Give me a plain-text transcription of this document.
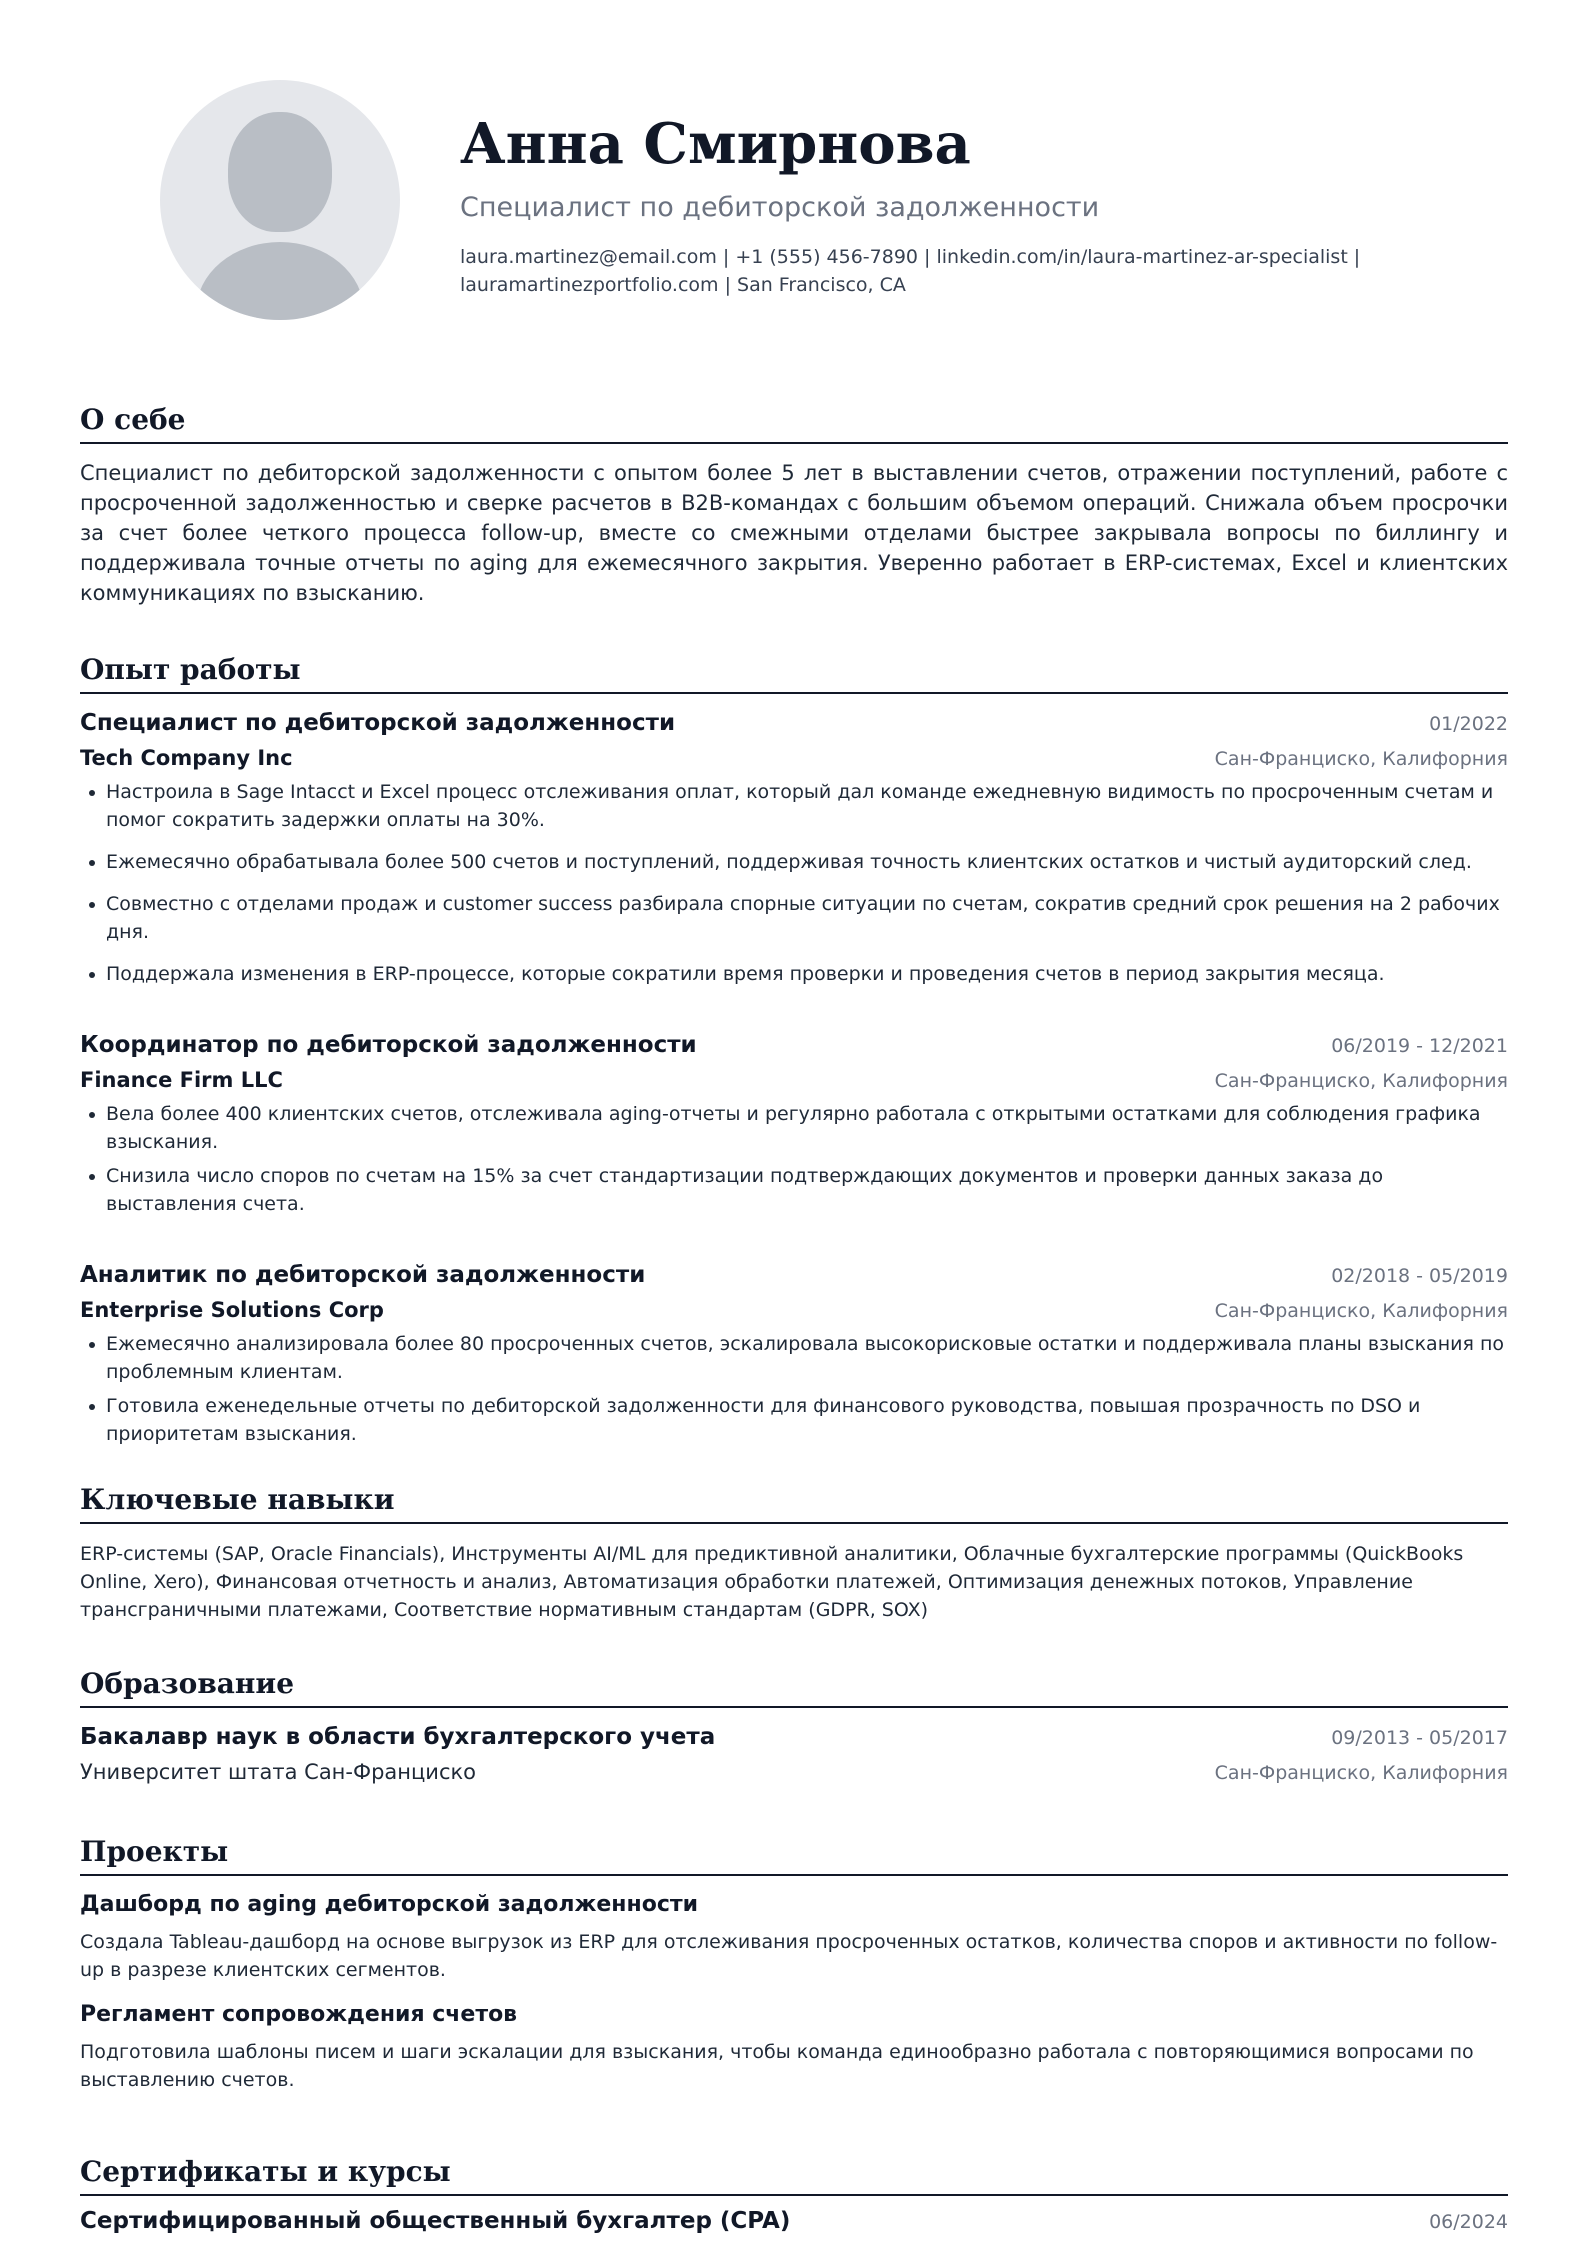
Анна Смирнова
Специалист по дебиторской задолженности
laura.martinez@email.com | +1 (555) 456-7890 | linkedin.com/in/laura-martinez-ar-specialist | lauramartinezportfolio.com | San Francisco, CA
О себе

Специалист по дебиторской задолженности с опытом более 5 лет в выставлении счетов, отражении поступлений, работе с просроченной задолженностью и сверке расчетов в B2B-командах с большим объемом операций. Снижала объем просрочки за счет более четкого процесса follow-up, вместе со смежными отделами быстрее закрывала вопросы по биллингу и поддерживала точные отчеты по aging для ежемесячного закрытия. Уверенно работает в ERP-системах, Excel и клиентских коммуникациях по взысканию.

Опыт работы
Специалист по дебиторской задолженности	01/2022
Tech Company Inc	Сан-Франциско, Калифорния
Настроила в Sage Intacct и Excel процесс отслеживания оплат, который дал команде ежедневную видимость по просроченным счетам и помог сократить задержки оплаты на 30%.
Ежемесячно обрабатывала более 500 счетов и поступлений, поддерживая точность клиентских остатков и чистый аудиторский след.
Совместно с отделами продаж и customer success разбирала спорные ситуации по счетам, сократив средний срок решения на 2 рабочих дня.
Поддержала изменения в ERP-процессе, которые сократили время проверки и проведения счетов в период закрытия месяца.
Координатор по дебиторской задолженности	06/2019 - 12/2021
Finance Firm LLC	Сан-Франциско, Калифорния
Вела более 400 клиентских счетов, отслеживала aging-отчеты и регулярно работала с открытыми остатками для соблюдения графика взыскания.
Снизила число споров по счетам на 15% за счет стандартизации подтверждающих документов и проверки данных заказа до выставления счета.
Аналитик по дебиторской задолженности	02/2018 - 05/2019
Enterprise Solutions Corp	Сан-Франциско, Калифорния
Ежемесячно анализировала более 80 просроченных счетов, эскалировала высокорисковые остатки и поддерживала планы взыскания по проблемным клиентам.
Готовила еженедельные отчеты по дебиторской задолженности для финансового руководства, повышая прозрачность по DSO и приоритетам взыскания.
Ключевые навыки

ERP-системы (SAP, Oracle Financials), Инструменты AI/ML для предиктивной аналитики, Облачные бухгалтерские программы (QuickBooks Online, Xero), Финансовая отчетность и анализ, Автоматизация обработки платежей, Оптимизация денежных потоков, Управление трансграничными платежами, Соответствие нормативным стандартам (GDPR, SOX)

Образование
Бакалавр наук в области бухгалтерского учета	09/2013 - 05/2017
Университет штата Сан-Франциско	Сан-Франциско, Калифорния
Проекты
Дашборд по aging дебиторской задолженности

Создала Tableau-дашборд на основе выгрузок из ERP для отслеживания просроченных остатков, количества споров и активности по follow-up в разрезе клиентских сегментов.

Регламент сопровождения счетов

Подготовила шаблоны писем и шаги эскалации для взыскания, чтобы команда единообразно работала с повторяющимися вопросами по выставлению счетов.

Сертификаты и курсы
Сертифицированный общественный бухгалтер (CPA)	06/2024
